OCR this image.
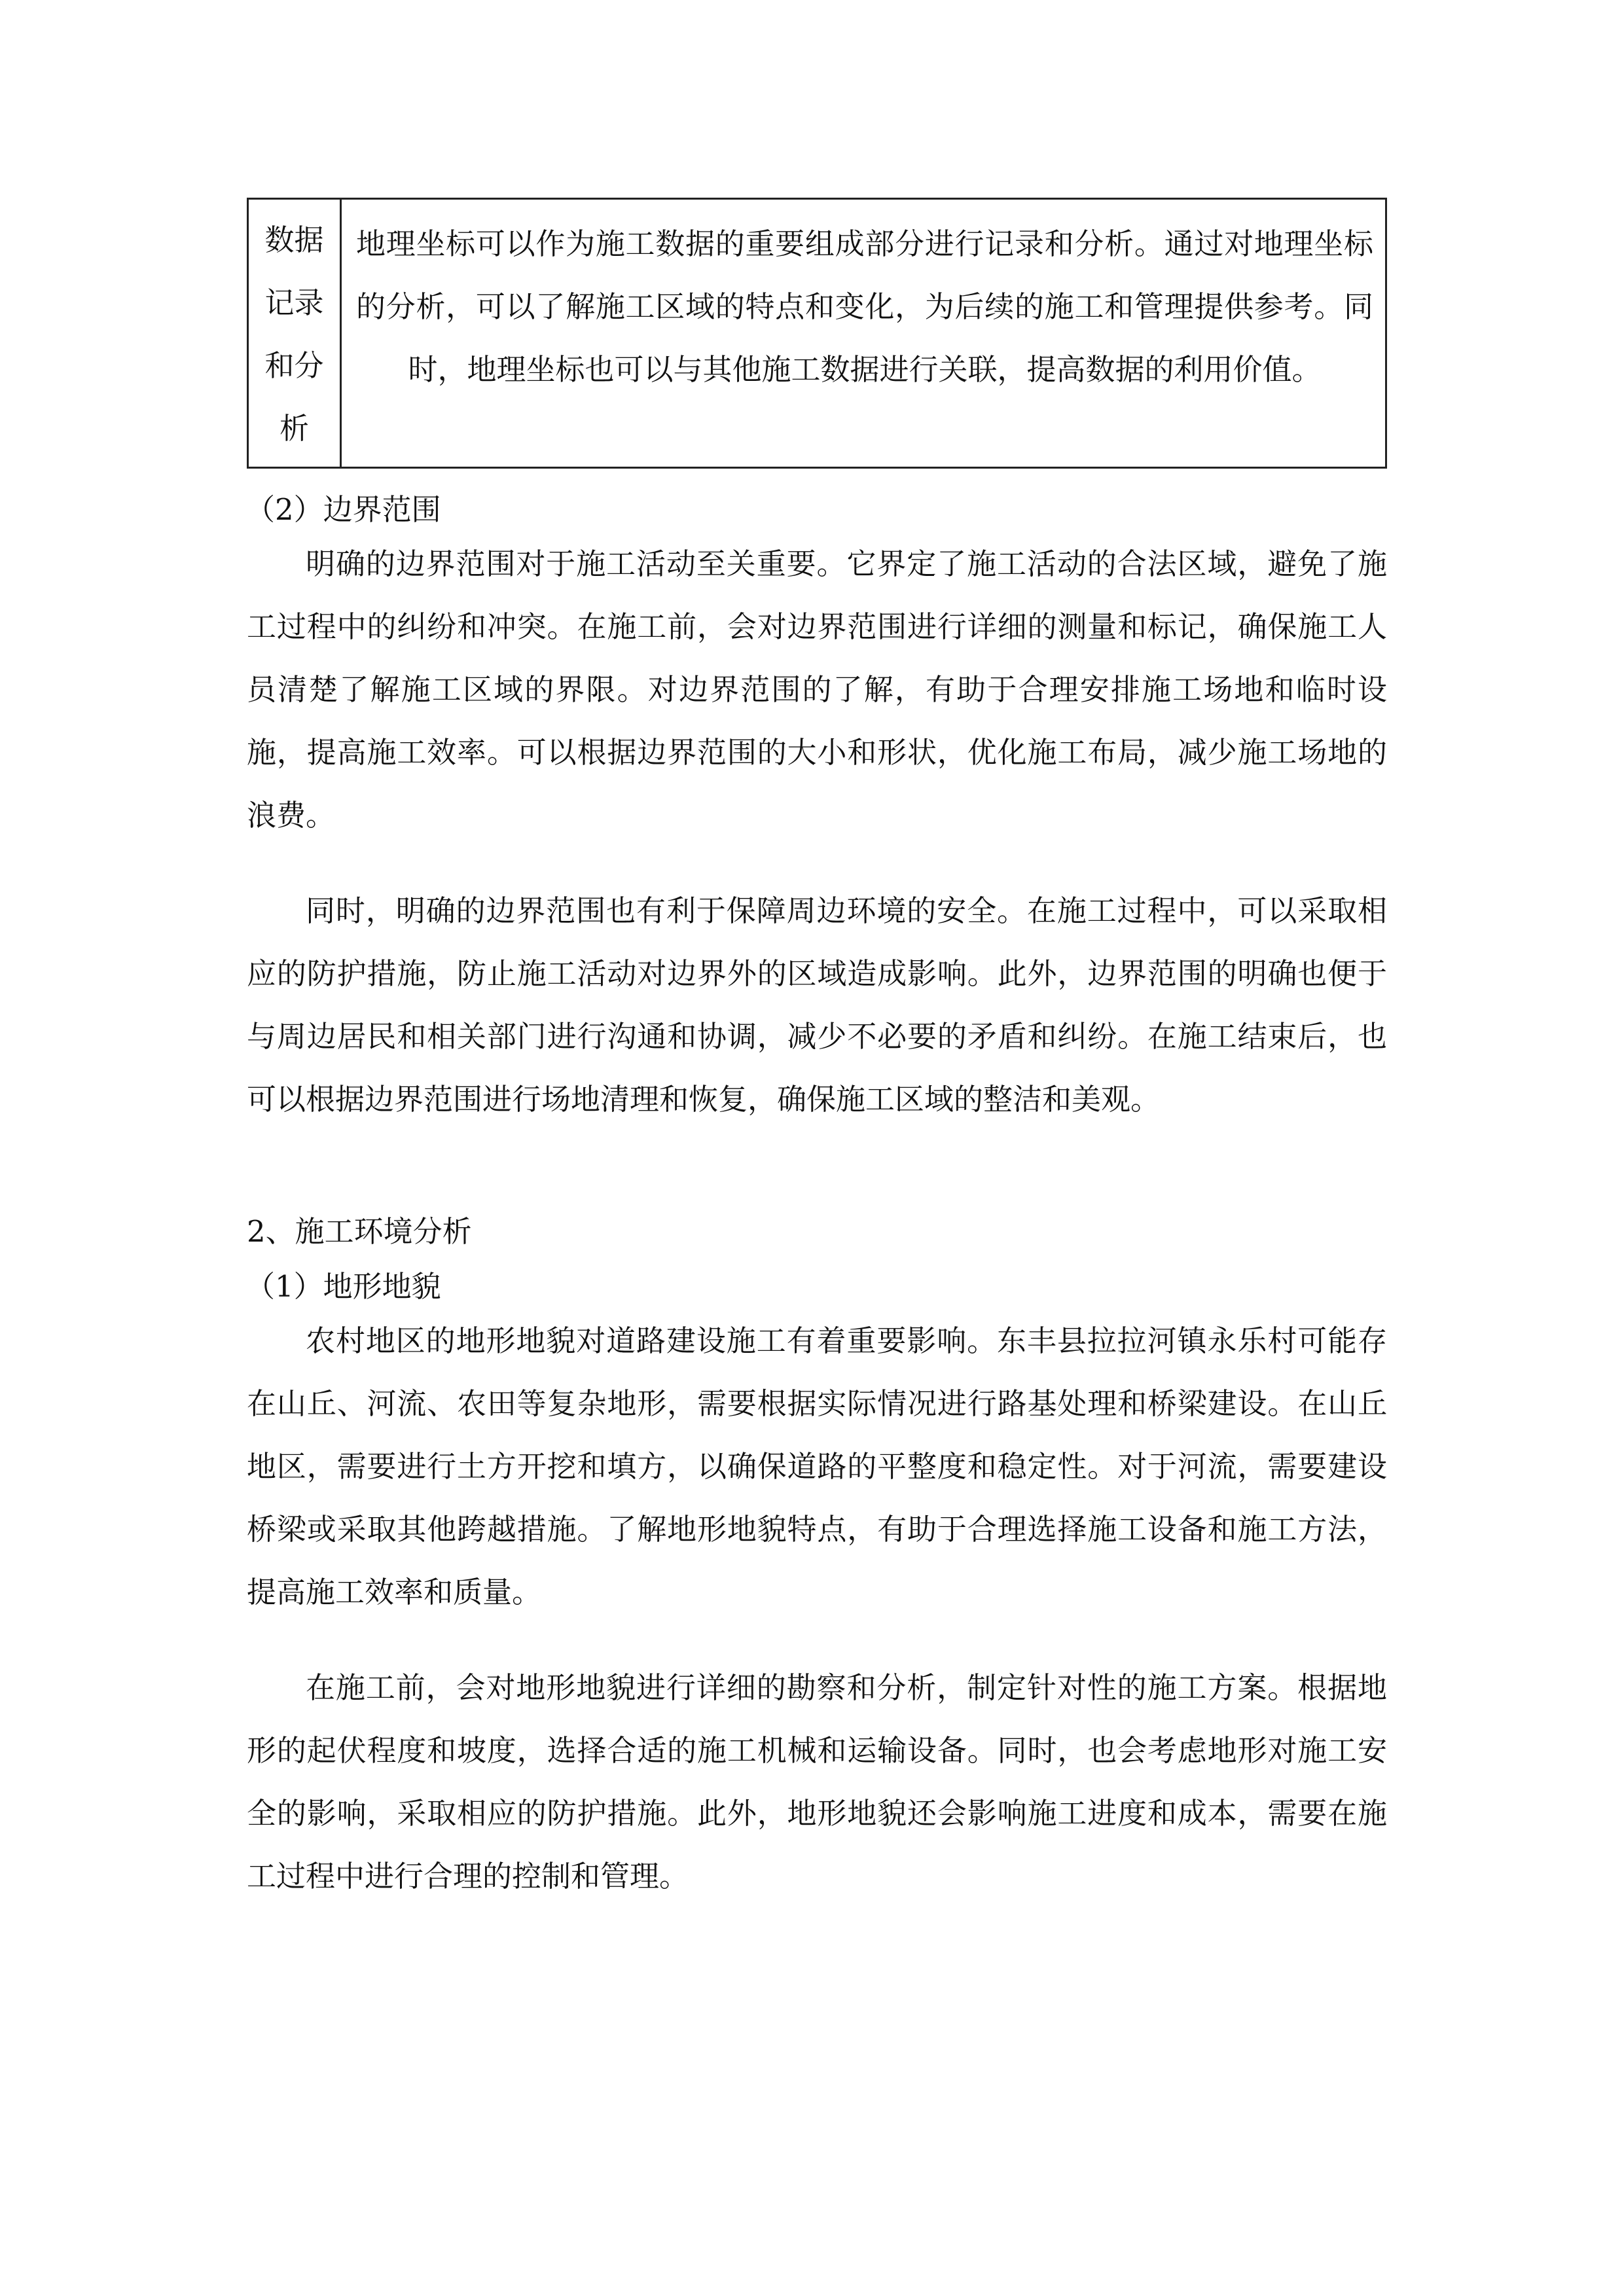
数据
记录
和分
析
地理坐标可以作为施工数据的重要组成部分进行记录和分析。通过对地理坐标的分析，可以了解施工区域的特点和变化，为后续的施工和管理提供参考。同时，地理坐标也可以与其他施工数据进行关联，提高数据的利用价值。
（2）边界范围
明确的边界范围对于施工活动至关重要。它界定了施工活动的合法区域，避免了施工过程中的纠纷和冲突。在施工前，会对边界范围进行详细的测量和标记，确保施工人员清楚了解施工区域的界限。对边界范围的了解，有助于合理安排施工场地和临时设施，提高施工效率。可以根据边界范围的大小和形状，优化施工布局，减少施工场地的浪费。
同时，明确的边界范围也有利于保障周边环境的安全。在施工过程中，可以采取相应的防护措施，防止施工活动对边界外的区域造成影响。此外，边界范围的明确也便于与周边居民和相关部门进行沟通和协调，减少不必要的矛盾和纠纷。在施工结束后，也可以根据边界范围进行场地清理和恢复，确保施工区域的整洁和美观。
2、施工环境分析
（1）地形地貌
农村地区的地形地貌对道路建设施工有着重要影响。东丰县拉拉河镇永乐村可能存在山丘、河流、农田等复杂地形，需要根据实际情况进行路基处理和桥梁建设。在山丘地区，需要进行土方开挖和填方，以确保道路的平整度和稳定性。对于河流，需要建设桥梁或采取其他跨越措施。了解地形地貌特点，有助于合理选择施工设备和施工方法，提高施工效率和质量。
在施工前，会对地形地貌进行详细的勘察和分析，制定针对性的施工方案。根据地形的起伏程度和坡度，选择合适的施工机械和运输设备。同时，也会考虑地形对施工安全的影响，采取相应的防护措施。此外，地形地貌还会影响施工进度和成本，需要在施工过程中进行合理的控制和管理。
